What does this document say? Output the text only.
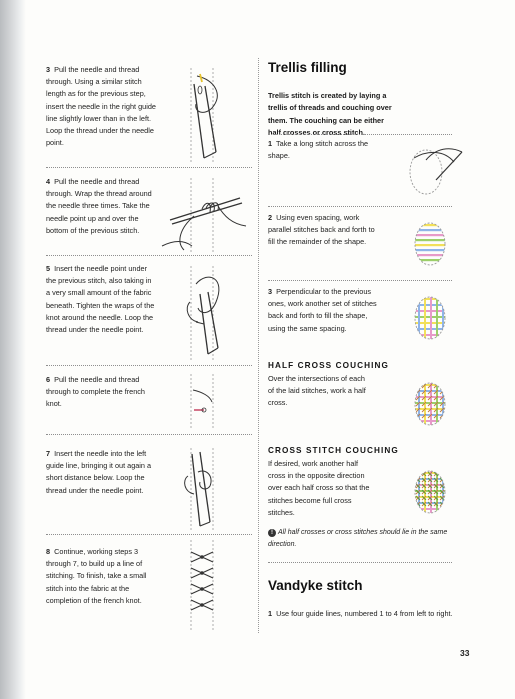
3 Pull the needle and thread through. Using a similar stitch length as for the previous step, insert the needle in the right guide line slightly lower than in the left. Loop the thread under the needle point.
4 Pull the needle and thread through. Wrap the thread around the needle three times. Take the needle point up and over the bottom of the previous stitch.
5 Insert the needle point under the previous stitch, also taking in a very small amount of the fabric beneath. Tighten the wraps of the knot around the needle. Loop the thread under the needle point.
6 Pull the needle and thread through to complete the french knot.
7 Insert the needle into the left guide line, bringing it out again a short distance below. Loop the thread under the needle point.
8 Continue, working steps 3 through 7, to build up a line of stitching. To finish, take a small stitch into the fabric at the completion of the french knot.
Trellis filling
Trellis stitch is created by laying a trellis of threads and couching over them. The couching can be either half crosses or cross stitch.
1 Take a long stitch across the shape.
2 Using even spacing, work parallel stitches back and forth to fill the remainder of the shape.
3 Perpendicular to the previous ones, work another set of stitches back and forth to fill the shape, using the same spacing.
HALF CROSS COUCHING
Over the intersections of each of the laid stitches, work a half cross.
CROSS STITCH COUCHING
If desired, work another half cross in the opposite direction over each half cross so that the stitches become full cross stitches.
! All half crosses or cross stitches should lie in the same direction.
Vandyke stitch
1 Use four guide lines, numbered 1 to 4 from left to right.
33
